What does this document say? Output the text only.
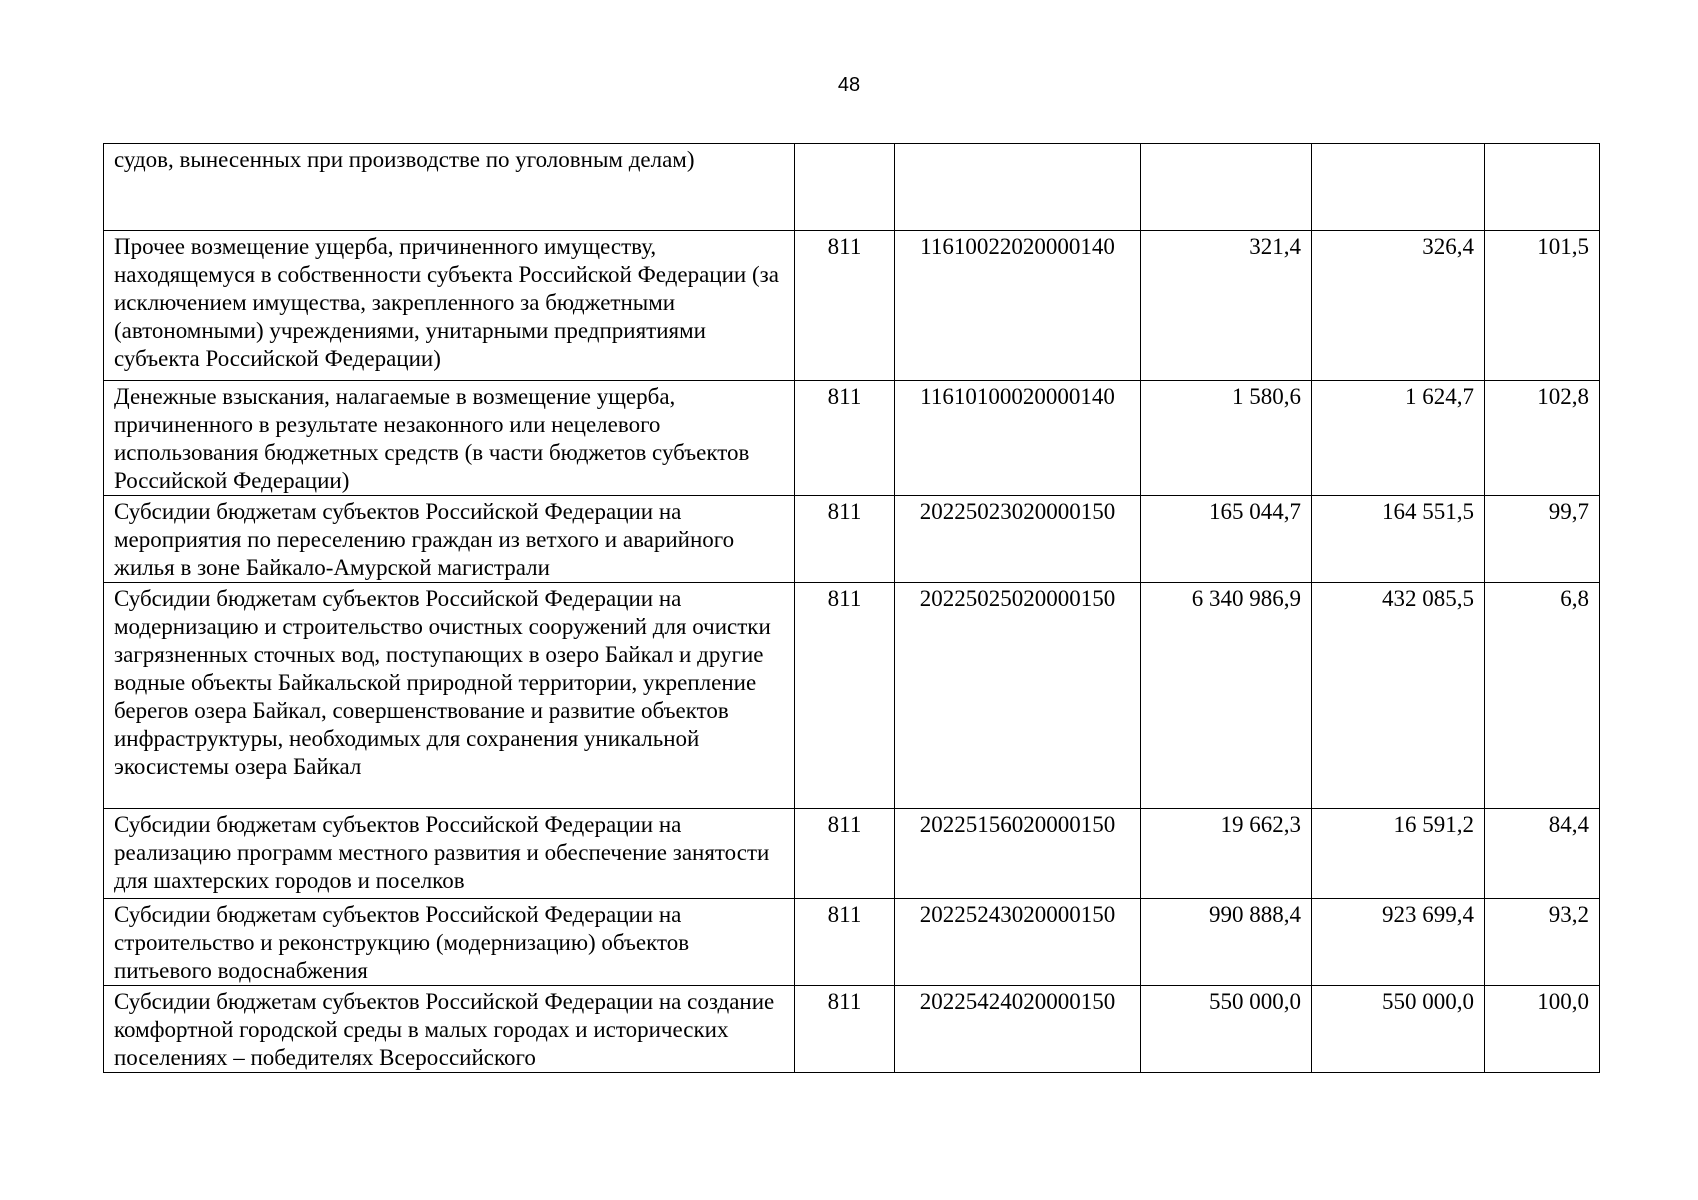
48
судов, вынесенных при производстве по уголовным делам)					
Прочее возмещение ущерба, причиненного имуществу, находящемуся в собственности субъекта Российской Федерации (за исключением имущества, закрепленного за бюджетными (автономными) учреждениями, унитарными предприятиями субъекта Российской Федерации)	811	11610022020000140	321,4	326,4	101,5
Денежные взыскания, налагаемые в возмещение ущерба, причиненного в результате незаконного или нецелевого использования бюджетных средств (в части бюджетов субъектов Российской Федерации)	811	11610100020000140	1 580,6	1 624,7	102,8
Субсидии бюджетам субъектов Российской Федерации на мероприятия по переселению граждан из ветхого и аварийного жилья в зоне Байкало-Амурской магистрали	811	20225023020000150	165 044,7	164 551,5	99,7
Субсидии бюджетам субъектов Российской Федерации на модернизацию и строительство очистных сооружений для очистки загрязненных сточных вод, поступающих в озеро Байкал и другие водные объекты Байкальской природной территории, укрепление берегов озера Байкал, совершенствование и развитие объектов инфраструктуры, необходимых для сохранения уникальной экосистемы озера Байкал	811	20225025020000150	6 340 986,9	432 085,5	6,8
Субсидии бюджетам субъектов Российской Федерации на реализацию программ местного развития и обеспечение занятости для шахтерских городов и поселков	811	20225156020000150	19 662,3	16 591,2	84,4
Субсидии бюджетам субъектов Российской Федерации на строительство и реконструкцию (модернизацию) объектов питьевого водоснабжения	811	20225243020000150	990 888,4	923 699,4	93,2
Субсидии бюджетам субъектов Российской Федерации на создание комфортной городской среды в малых городах и исторических поселениях – победителях Всероссийского	811	20225424020000150	550 000,0	550 000,0	100,0
